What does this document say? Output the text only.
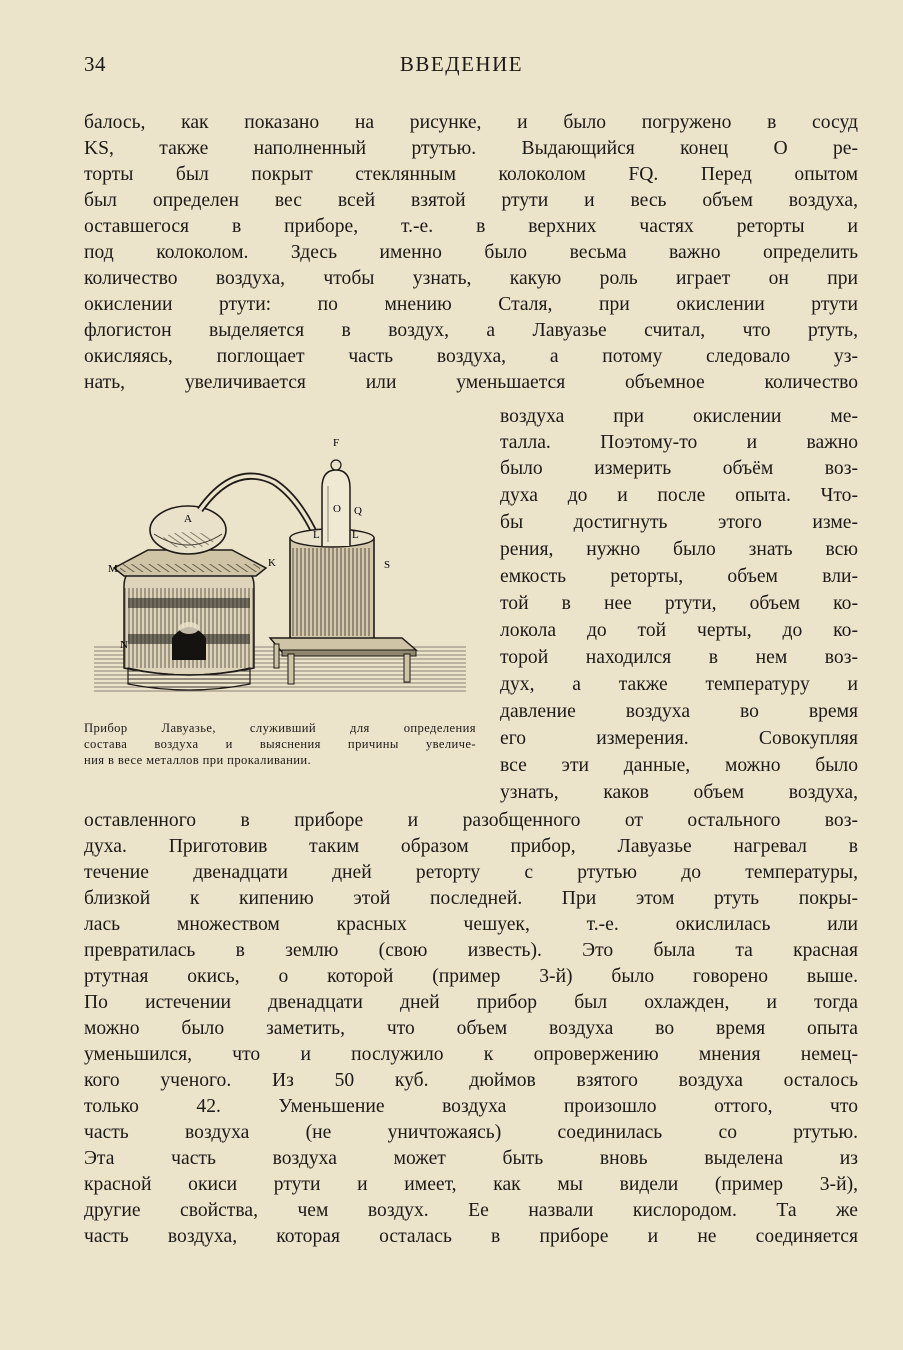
34	ВВЕДЕНИЕ
балось, как показано на рисунке, и было погружено в сосуд
KS, также наполненный ртутью. Выдающийся конец O ре-
торты был покрыт стеклянным колоколом FQ. Перед опытом
был определен вес всей взятой ртути и весь объем воздуха,
оставшегося в приборе, т.-е. в верхних частях реторты и
под колоколом. Здесь именно было весьма важно определить
количество воздуха, чтобы узнать, какую роль играет он при
окислении ртути: по мнению Сталя, при окислении ртути
флогистон выделяется в воздух, а Лавуазье считал, что ртуть,
окисляясь, поглощает часть воздуха, а потому следовало уз-
нать, увеличивается или уменьшается объемное количество
воздуха при окислении ме-
талла. Поэтому-то и важно
было измерить объём воз-
духа до и после опыта. Что-
бы достигнуть этого изме-
рения, нужно было знать всю
емкость реторты, объем вли-
той в нее ртути, объем ко-
локола до той черты, до ко-
торой находился в нем воз-
дух, а также температуру и
давление воздуха во время
его измерения. Совокупляя
все эти данные, можно было
узнать, каков объем воздуха,
F
A
O Q
L	L
M	K	S
N
Прибор Лавуазье, служивший для определения
состава воздуха и выяснения причины увеличе-
ния в весе металлов при прокаливании.
оставленного в приборе и разобщенного от остального воз-
духа. Приготовив таким образом прибор, Лавуазье нагревал в
течение двенадцати дней реторту с ртутью до температуры,
близкой к кипению этой последней. При этом ртуть покры-
лась множеством красных чешуек, т.-е. окислилась или
превратилась в землю (свою известь). Это была та красная
ртутная окись, о которой (пример 3-й) было говорено выше.
По истечении двенадцати дней прибор был охлажден, и тогда
можно было заметить, что объем воздуха во время опыта
уменьшился, что и послужило к опровержению мнения немец-
кого ученого. Из 50 куб. дюймов взятого воздуха осталось
только 42. Уменьшение воздуха произошло оттого, что
часть воздуха (не уничтожаясь) соединилась со ртутью.
Эта часть воздуха может быть вновь выделена из
красной окиси ртути и имеет, как мы видели (пример 3-й),
другие свойства, чем воздух. Ее назвали кислородом. Та же
часть воздуха, которая осталась в приборе и не соединяется
